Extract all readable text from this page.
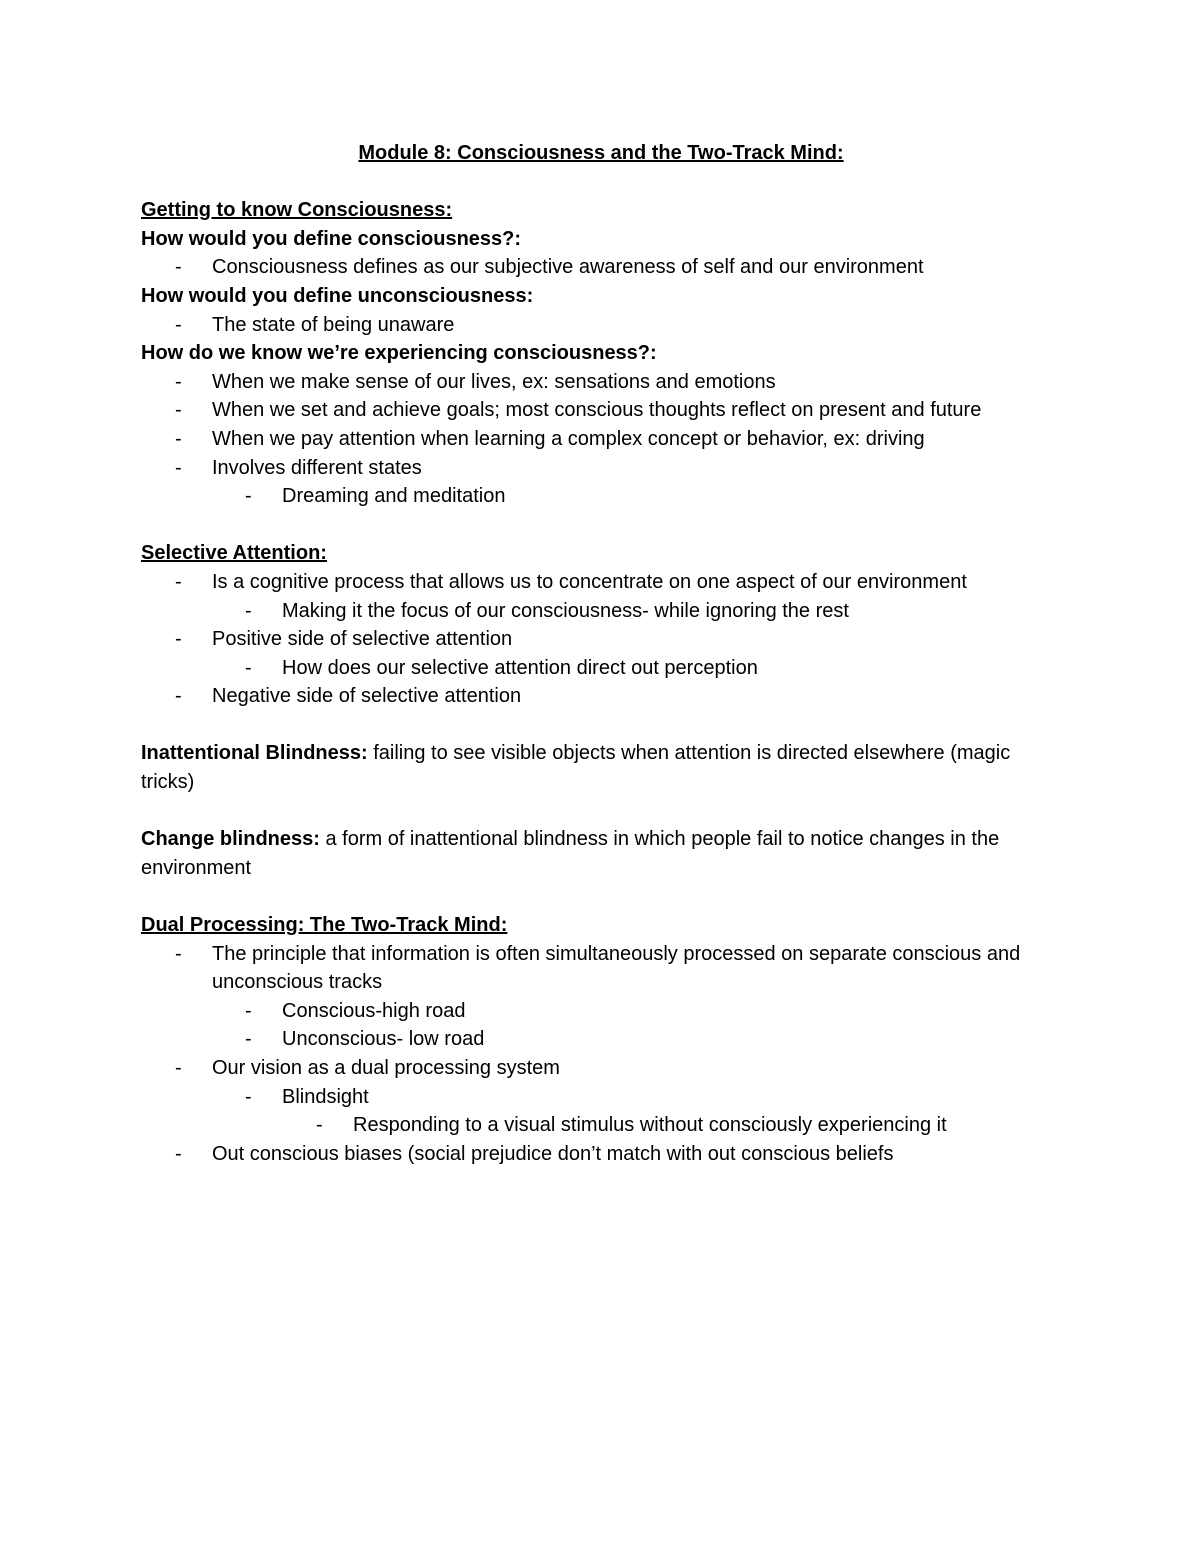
Module 8: Consciousness and the Two-Track Mind:
Getting to know Consciousness:
How would you define consciousness?:
- Consciousness defines as our subjective awareness of self and our environment
How would you define unconsciousness:
- The state of being unaware
How do we know we’re experiencing consciousness?:
- When we make sense of our lives, ex: sensations and emotions
- When we set and achieve goals; most conscious thoughts reflect on present and future
- When we pay attention when learning a complex concept or behavior, ex: driving
- Involves different states
- Dreaming and meditation
Selective Attention:
- Is a cognitive process that allows us to concentrate on one aspect of our environment
- Making it the focus of our consciousness- while ignoring the rest
- Positive side of selective attention
- How does our selective attention direct out perception
- Negative side of selective attention
Inattentional Blindness: failing to see visible objects when attention is directed elsewhere (magic tricks)
Change blindness: a form of inattentional blindness in which people fail to notice changes in the environment
Dual Processing: The Two-Track Mind:
- The principle that information is often simultaneously processed on separate conscious and unconscious tracks
- Conscious-high road
- Unconscious- low road
- Our vision as a dual processing system
- Blindsight
- Responding to a visual stimulus without consciously experiencing it
- Out conscious biases (social prejudice don’t match with out conscious beliefs
